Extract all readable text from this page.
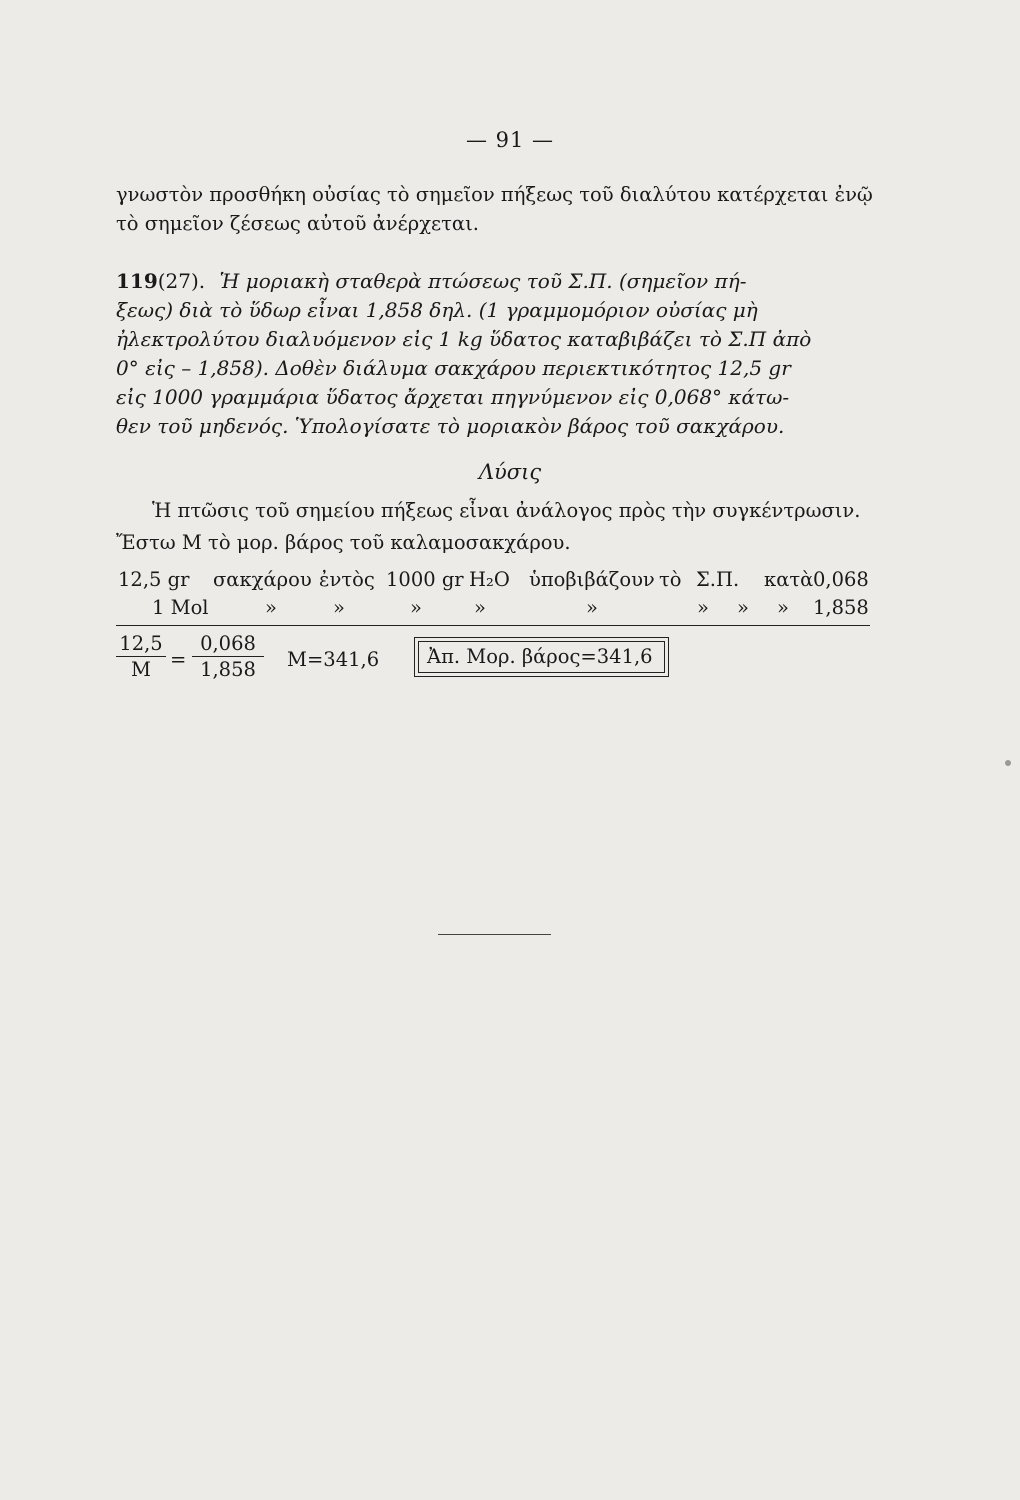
— 91 —
γνωστὸν προσθήκη οὐσίας τὸ σημεῖον πήξεως τοῦ διαλύτου κατέρχεται ἐνῷ
τὸ σημεῖον ζέσεως αὐτοῦ ἀνέρχεται.
119(27). Ἡ μοριακὴ σταθερὰ πτώσεως τοῦ Σ.Π. (σημεῖον πή-
ξεως) διὰ τὸ ὕδωρ εἶναι 1,858 δηλ. (1 γραμμομόριον οὐσίας μὴ
ἠλεκτρολύτου διαλυόμενον εἰς 1 kg ὕδατος καταβιβάζει τὸ Σ.Π ἀπὸ
0° εἰς – 1,858). Δοθὲν διάλυμα σακχάρου περιεκτικότητος 12,5 gr
εἰς 1000 γραμμάρια ὕδατος ἄρχεται πηγνύμενον εἰς 0,068° κάτω-
θεν τοῦ μηδενός. Ὑπολογίσατε τὸ μοριακὸν βάρος τοῦ σακχάρου.
Λύσις
Ἡ πτῶσις τοῦ σημείου πήξεως εἶναι ἀνάλογος πρὸς τὴν συγκέντρωσιν.
Ἔστω Μ τὸ μορ. βάρος τοῦ καλαμοσακχάρου.
12,5 gr σακχάρου ἐντὸς 1000 gr H₂O ὑποβιβάζουν τὸ Σ.Π. κατὰ 0,068
1 Mol	»	»	»	»	»	» » » 1,858
12,5
M =
0,068
1,858	M=341,6	Ἀπ. Μορ. βάρος=341,6
